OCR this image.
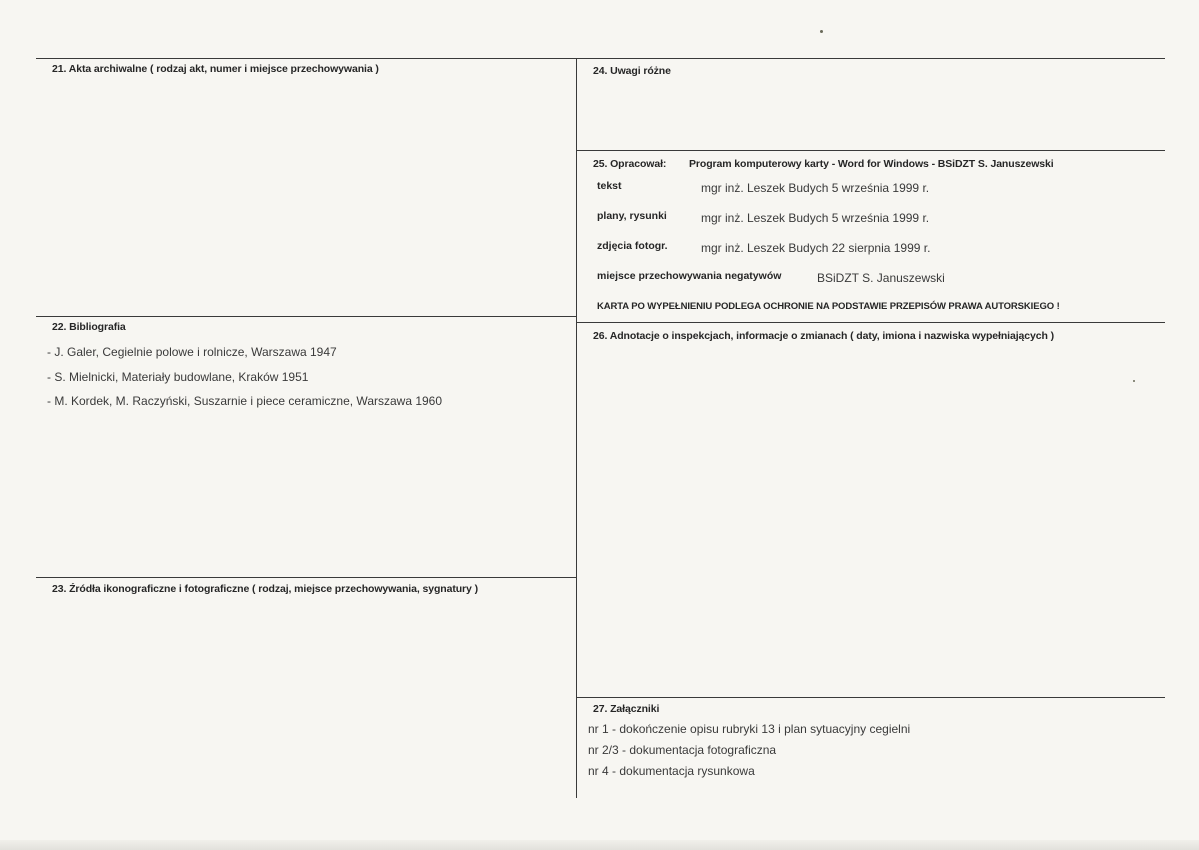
21. Akta archiwalne ( rodzaj akt, numer i miejsce przechowywania )
22. Bibliografia
- J. Galer, Cegielnie polowe i rolnicze, Warszawa 1947
- S. Mielnicki, Materiały budowlane, Kraków 1951
- M. Kordek, M. Raczyński, Suszarnie i piece ceramiczne, Warszawa 1960
23. Źródła ikonograficzne i fotograficzne ( rodzaj, miejsce przechowywania, sygnatury )
24. Uwagi różne
25. Opracował: Program komputerowy karty - Word for Windows - BSiDZT S. Januszewski
tekst	mgr inż. Leszek Budych 5 września 1999 r.
plany, rysunki	mgr inż. Leszek Budych 5 września 1999 r.
zdjęcia fotogr.	mgr inż. Leszek Budych 22 sierpnia 1999 r.
miejsce przechowywania negatywów	BSiDZT S. Januszewski
KARTA PO WYPEŁNIENIU PODLEGA OCHRONIE NA PODSTAWIE PRZEPISÓW PRAWA AUTORSKIEGO !
26. Adnotacje o inspekcjach, informacje o zmianach ( daty, imiona i nazwiska wypełniających )
27. Załączniki
nr 1 - dokończenie opisu rubryki 13 i plan sytuacyjny cegielni
nr 2/3 - dokumentacja fotograficzna
nr 4 - dokumentacja rysunkowa
